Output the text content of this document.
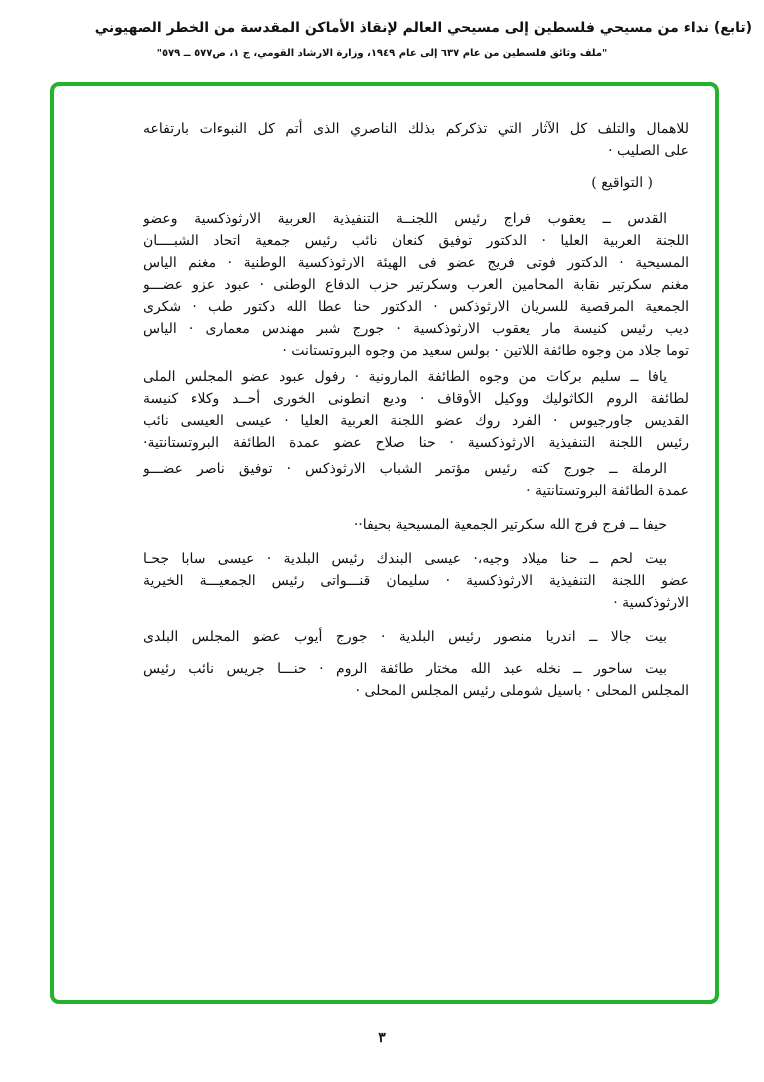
(تابع) نداء من مسيحي فلسطين إلى مسيحي العالم لإنقاذ الأماكن المقدسة من الخطر الصهيوني
"ملف وثائق فلسطين من عام ٦٣٧ إلى عام ١٩٤٩، وزارة الارشاد القومي، ج ١، ص٥٧٧ ــ ٥٧٩"
للاهمال والتلف كل الآثار التي تذكركم بذلك الناصري الذى أتم كل النبوءات بارتفاعه
على الصليب ·
( التواقيع )
القدس ــ يعقوب فراج رئيس اللجنــة التنفيذية العربية الارثوذكسية وعضو
اللجنة العربية العليا · الدكتور توفيق كنعان نائب رئيس جمعية اتحاد الشبــــان
المسيحية · الدكتور فوتى فريج عضو فى الهيئة الارثوذكسية الوطنية · مغنم الياس
مغنم سكرتير نقابة المحامين العرب وسكرتير حزب الدفاع الوطنى · عبود عزو عضـــو
الجمعية المرقصية للسريان الارثوذكس · الدكتور حنا عطا الله دكتور طب · شكرى
ديب رئيس كنيسة مار يعقوب الارثوذكسية · جورج شبر مهندس معمارى · الياس
توما جلاد من وجوه طائفة اللاتين · بولس سعيد من وجوه البروتستانت ·
يافا ــ سليم بركات من وجوه الطائفة المارونية · رفول عبود عضو المجلس الملى
لطائفة الروم الكاثوليك ووكيل الأوقاف · وديع انطونى الخورى أحــد وكلاء كنيسة
القديس جاورجيوس · الفرد روك عضو اللجنة العربية العليا · عيسى العيسى نائب
رئيس اللجنة التنفيذية الارثوذكسية · حنا صلاح عضو عمدة الطائفة البروتستانتية·
الرملة ــ جورج كته رئيس مؤتمر الشباب الارثوذكس · توفيق ناصر عضـــو
عمدة الطائفة البروتستانتية ·
حيفا ــ فرج فرج الله سكرتير الجمعية المسيحية بحيفا··
بيت لحم ــ حنا ميلاد وجيه،· عيسى البندك رئيس البلدية · عيسى سابا جحـا
عضو اللجنة التنفيذية الارثوذكسية · سليمان قنـــواتى رئيس الجمعيـــة الخيرية
الارثوذكسية ·
بيت جالا ــ اندريا منصور رئيس البلدية · جورج أيوب عضو المجلس البلدى
بيت ساحور ــ نخله عبد الله مختار طائفة الروم · حنـــا جريس نائب رئيس
المجلس المحلى · باسيل شوملى رئيس المجلس المحلى ·
٣
